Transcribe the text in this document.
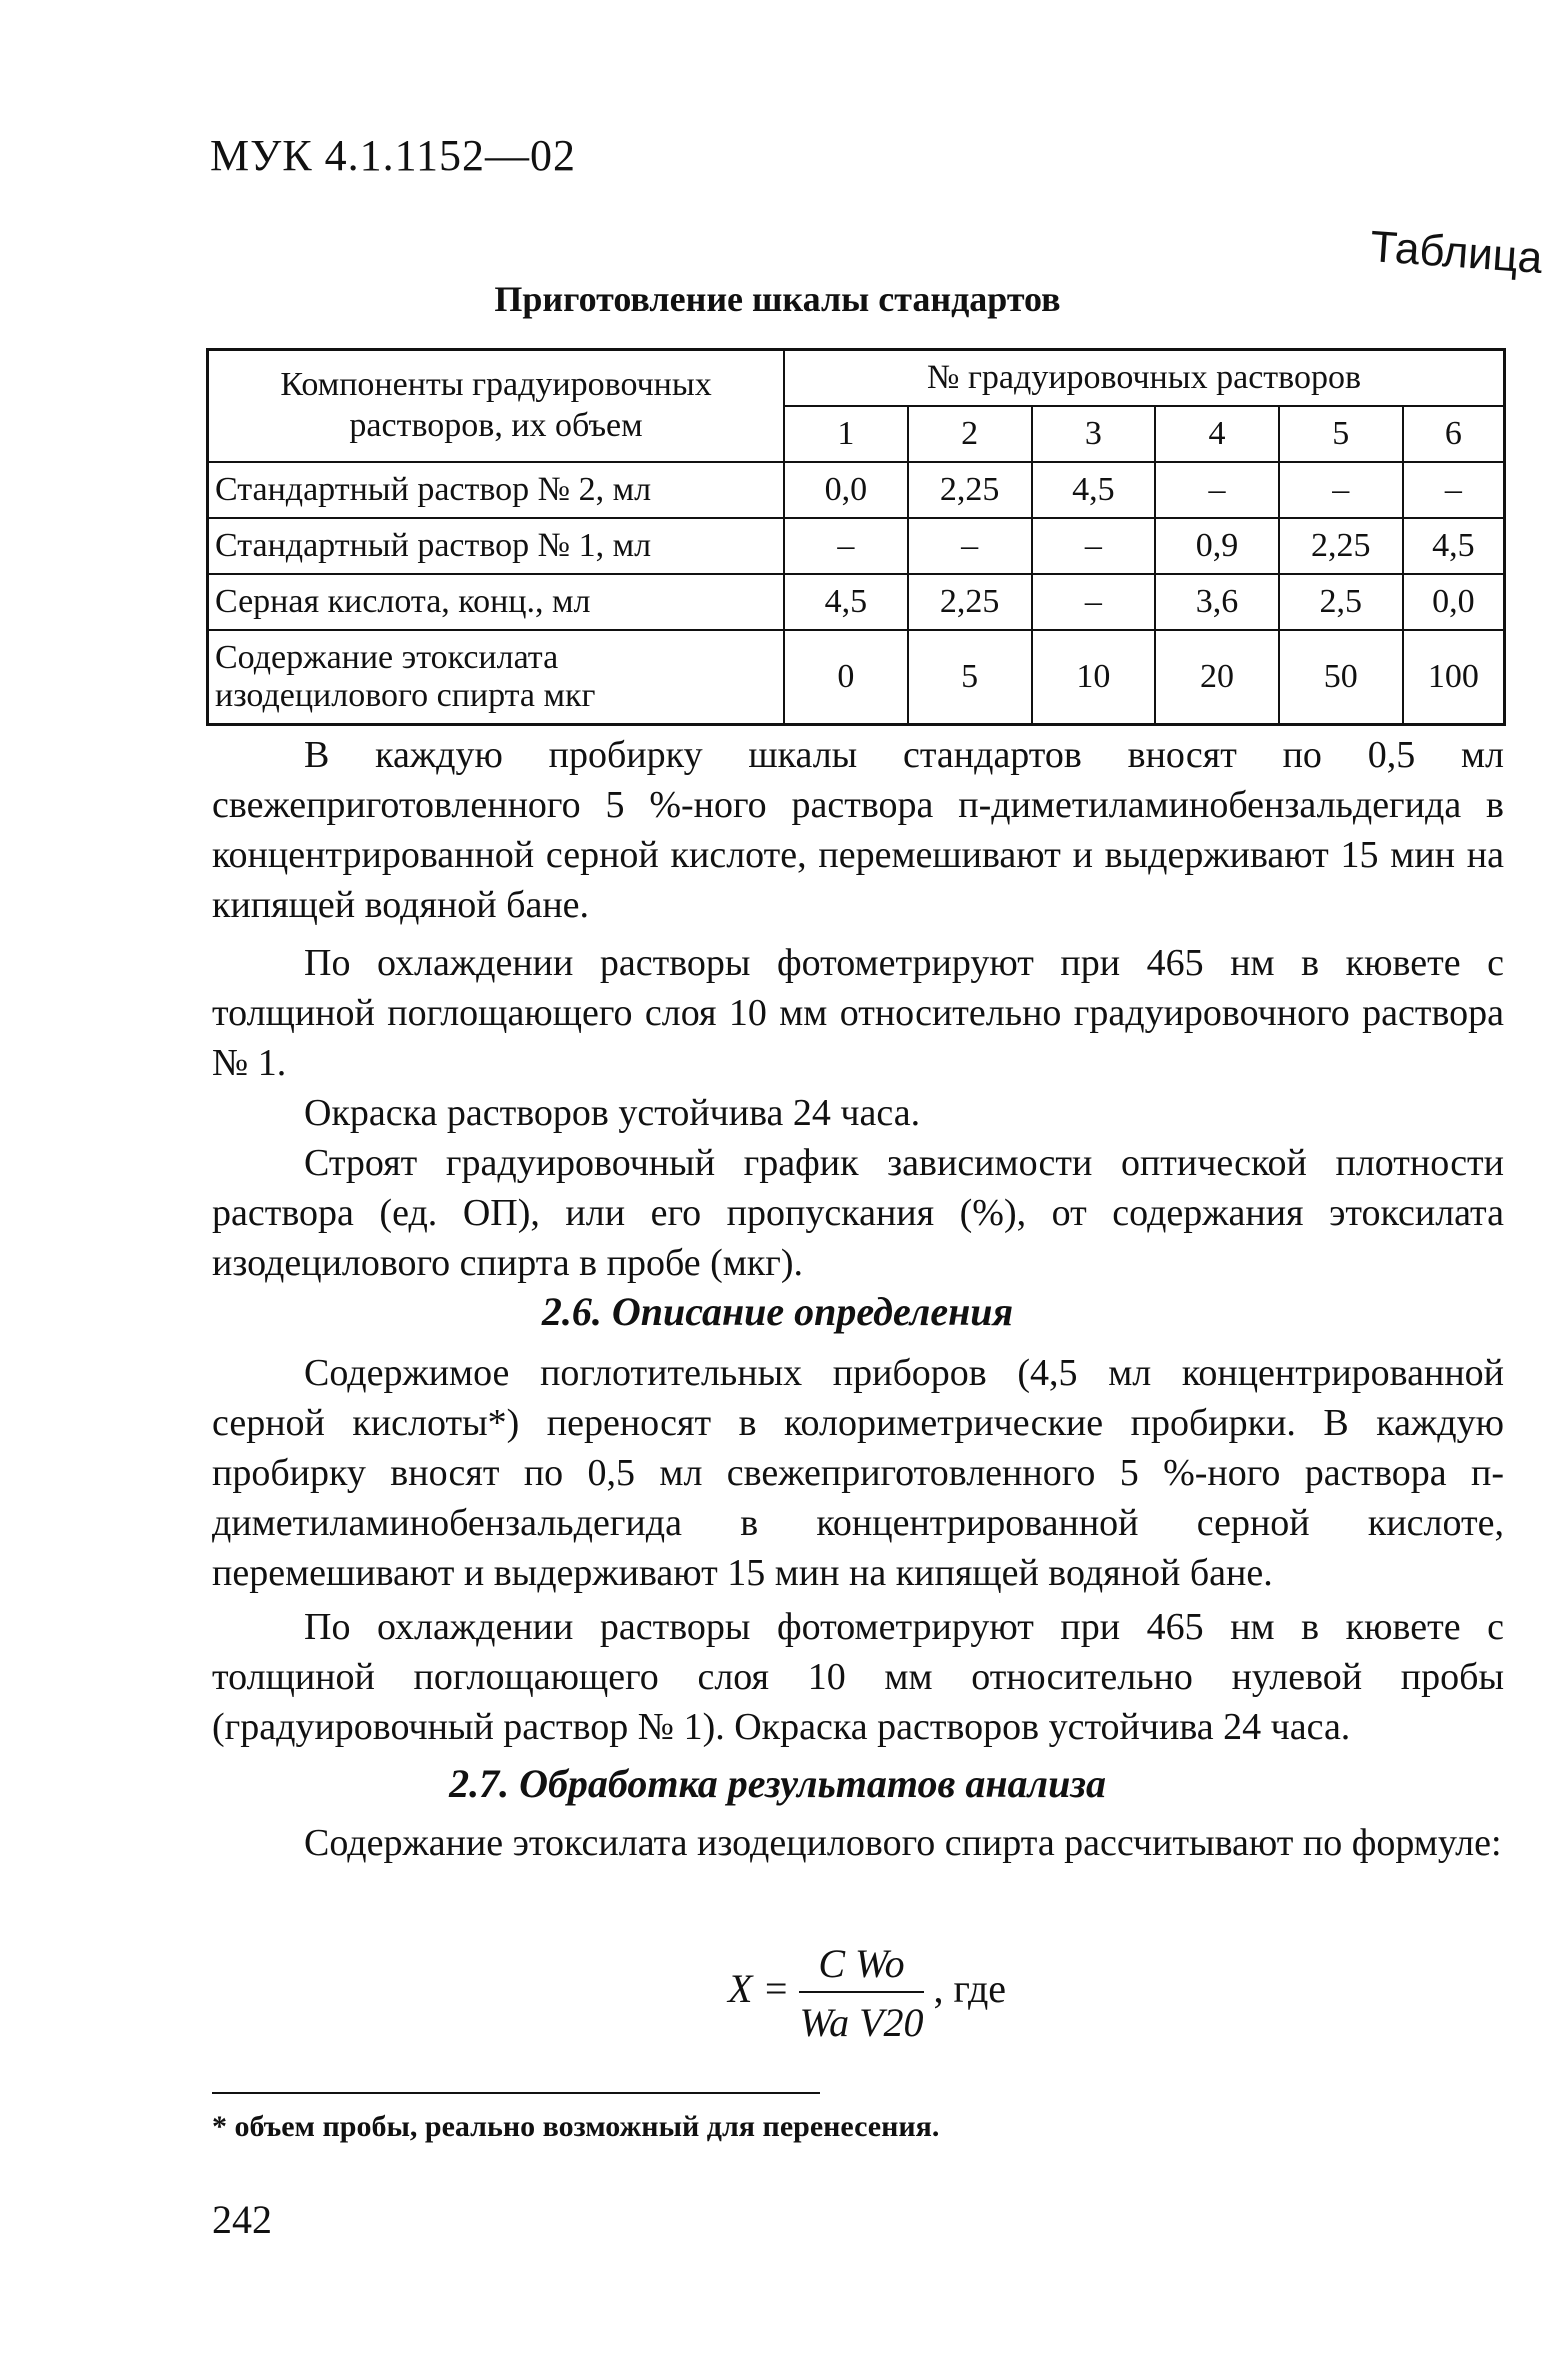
МУК 4.1.1152—02
Таблица
Приготовление шкалы стандартов
Компоненты градуировочных растворов, их объем	№ градуировочных растворов					
	1	2	3	4	5	6
Стандартный раствор № 2, мл	0,0	2,25	4,5	–	–	–
Стандартный раствор № 1, мл	–	–	–	0,9	2,25	4,5
Серная кислота, конц., мл	4,5	2,25	–	3,6	2,5	0,0
Содержание этоксилата изодецилового спирта мкг	0	5	10	20	50	100
В каждую пробирку шкалы стандартов вносят по 0,5 мл свежеприготовленного 5 %-ного раствора п-диметиламинобензальдегида в концентрированной серной кислоте, перемешивают и выдерживают 15 мин на кипящей водяной бане.
По охлаждении растворы фотометрируют при 465 нм в кювете с толщиной поглощающего слоя 10 мм относительно градуировочного раствора № 1.
Окраска растворов устойчива 24 часа.
Строят градуировочный график зависимости оптической плотности раствора (ед. ОП), или его пропускания (%), от содержания этоксилата изодецилового спирта в пробе (мкг).
2.6. Описание определения
Содержимое поглотительных приборов (4,5 мл концентрированной серной кислоты*) переносят в колориметрические пробирки. В каждую пробирку вносят по 0,5 мл свежеприготовленного 5 %-ного раствора п-диметиламинобензальдегида в концентрированной серной кислоте, перемешивают и выдерживают 15 мин на кипящей водяной бане.
По охлаждении растворы фотометрируют при 465 нм в кювете с толщиной поглощающего слоя 10 мм относительно нулевой пробы (градуировочный раствор № 1). Окраска растворов устойчива 24 часа.
2.7. Обработка результатов анализа
Содержание этоксилата изодецилового спирта рассчитывают по формуле:
$X = \frac{\text{C Wo}}{\text{Wa V20}}$ , где
* объем пробы, реально возможный для перенесения.
242
